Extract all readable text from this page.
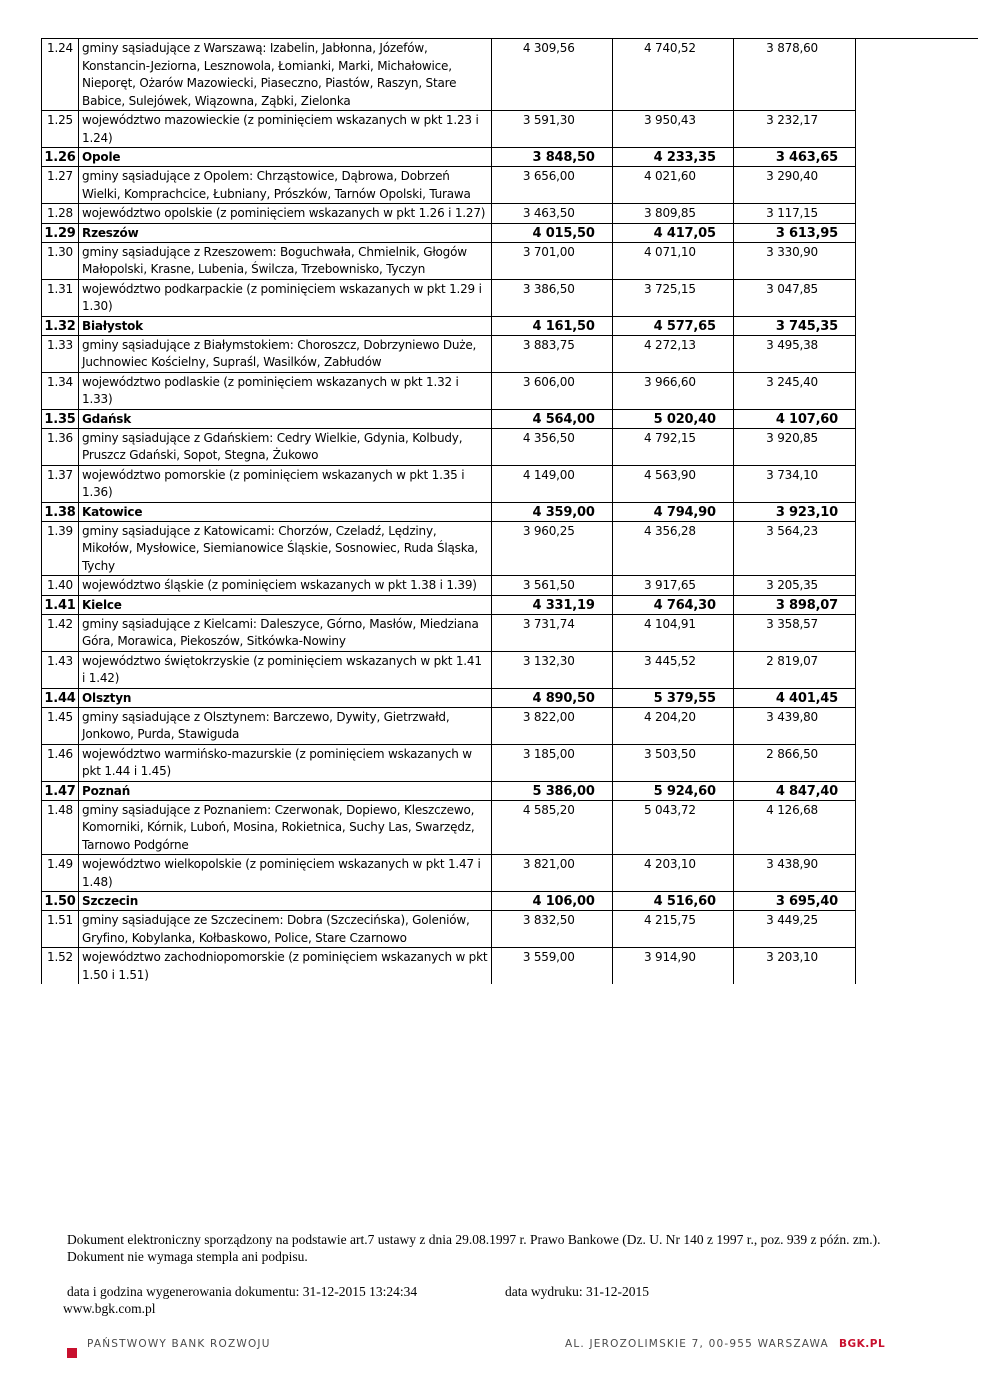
1.24	gminy sąsiadujące z Warszawą: Izabelin, Jabłonna, Józefów, Konstancin-Jeziorna, Lesznowola, Łomianki, Marki, Michałowice, Nieporęt, Ożarów Mazowiecki, Piaseczno, Piastów, Raszyn, Stare Babice, Sulejówek, Wiązowna, Ząbki, Zielonka	4 309,56	4 740,52	3 878,60
1.25	województwo mazowieckie (z pominięciem wskazanych w pkt 1.23 i 1.24)	3 591,30	3 950,43	3 232,17
1.26	Opole	3 848,50	4 233,35	3 463,65
1.27	gminy sąsiadujące z Opolem: Chrząstowice, Dąbrowa, Dobrzeń Wielki, Komprachcice, Łubniany, Prószków, Tarnów Opolski, Turawa	3 656,00	4 021,60	3 290,40
1.28	województwo opolskie (z pominięciem wskazanych w pkt 1.26 i 1.27)	3 463,50	3 809,85	3 117,15
1.29	Rzeszów	4 015,50	4 417,05	3 613,95
1.30	gminy sąsiadujące z Rzeszowem: Boguchwała, Chmielnik, Głogów Małopolski, Krasne, Lubenia, Świlcza, Trzebownisko, Tyczyn	3 701,00	4 071,10	3 330,90
1.31	województwo podkarpackie (z pominięciem wskazanych w pkt 1.29 i 1.30)	3 386,50	3 725,15	3 047,85
1.32	Białystok	4 161,50	4 577,65	3 745,35
1.33	gminy sąsiadujące z Białymstokiem: Choroszcz, Dobrzyniewo Duże, Juchnowiec Kościelny, Supraśl, Wasilków, Zabłudów	3 883,75	4 272,13	3 495,38
1.34	województwo podlaskie (z pominięciem wskazanych w pkt 1.32 i 1.33)	3 606,00	3 966,60	3 245,40
1.35	Gdańsk	4 564,00	5 020,40	4 107,60
1.36	gminy sąsiadujące z Gdańskiem: Cedry Wielkie, Gdynia, Kolbudy, Pruszcz Gdański, Sopot, Stegna, Żukowo	4 356,50	4 792,15	3 920,85
1.37	województwo pomorskie (z pominięciem wskazanych w pkt 1.35 i 1.36)	4 149,00	4 563,90	3 734,10
1.38	Katowice	4 359,00	4 794,90	3 923,10
1.39	gminy sąsiadujące z Katowicami: Chorzów, Czeladź, Lędziny, Mikołów, Mysłowice, Siemianowice Śląskie, Sosnowiec, Ruda Śląska, Tychy	3 960,25	4 356,28	3 564,23
1.40	województwo śląskie (z pominięciem wskazanych w pkt 1.38 i 1.39)	3 561,50	3 917,65	3 205,35
1.41	Kielce	4 331,19	4 764,30	3 898,07
1.42	gminy sąsiadujące z Kielcami: Daleszyce, Górno, Masłów, Miedziana Góra, Morawica, Piekoszów, Sitkówka-Nowiny	3 731,74	4 104,91	3 358,57
1.43	województwo świętokrzyskie (z pominięciem wskazanych w pkt 1.41 i 1.42)	3 132,30	3 445,52	2 819,07
1.44	Olsztyn	4 890,50	5 379,55	4 401,45
1.45	gminy sąsiadujące z Olsztynem: Barczewo, Dywity, Gietrzwałd, Jonkowo, Purda, Stawiguda	3 822,00	4 204,20	3 439,80
1.46	województwo warmińsko-mazurskie (z pominięciem wskazanych w pkt 1.44 i 1.45)	3 185,00	3 503,50	2 866,50
1.47	Poznań	5 386,00	5 924,60	4 847,40
1.48	gminy sąsiadujące z Poznaniem: Czerwonak, Dopiewo, Kleszczewo, Komorniki, Kórnik, Luboń, Mosina, Rokietnica, Suchy Las, Swarzędz, Tarnowo Podgórne	4 585,20	5 043,72	4 126,68
1.49	województwo wielkopolskie (z pominięciem wskazanych w pkt 1.47 i 1.48)	3 821,00	4 203,10	3 438,90
1.50	Szczecin	4 106,00	4 516,60	3 695,40
1.51	gminy sąsiadujące ze Szczecinem: Dobra (Szczecińska), Goleniów, Gryfino, Kobylanka, Kołbaskowo, Police, Stare Czarnowo	3 832,50	4 215,75	3 449,25
1.52	województwo zachodniopomorskie (z pominięciem wskazanych w pkt 1.50 i 1.51)	3 559,00	3 914,90	3 203,10
Dokument elektroniczny sporządzony na podstawie art.7 ustawy z dnia 29.08.1997 r. Prawo Bankowe (Dz. U. Nr 140 z 1997 r., poz. 939 z późn. zm.).
Dokument nie wymaga stempla ani podpisu.
data i godzina wygenerowania dokumentu: 31-12-2015 13:24:34	data wydruku: 31-12-2015
www.bgk.com.pl
PAŃSTWOWY BANK ROZWOJU	AL. JEROZOLIMSKIE 7, 00-955 WARSZAWA BGK.PL
